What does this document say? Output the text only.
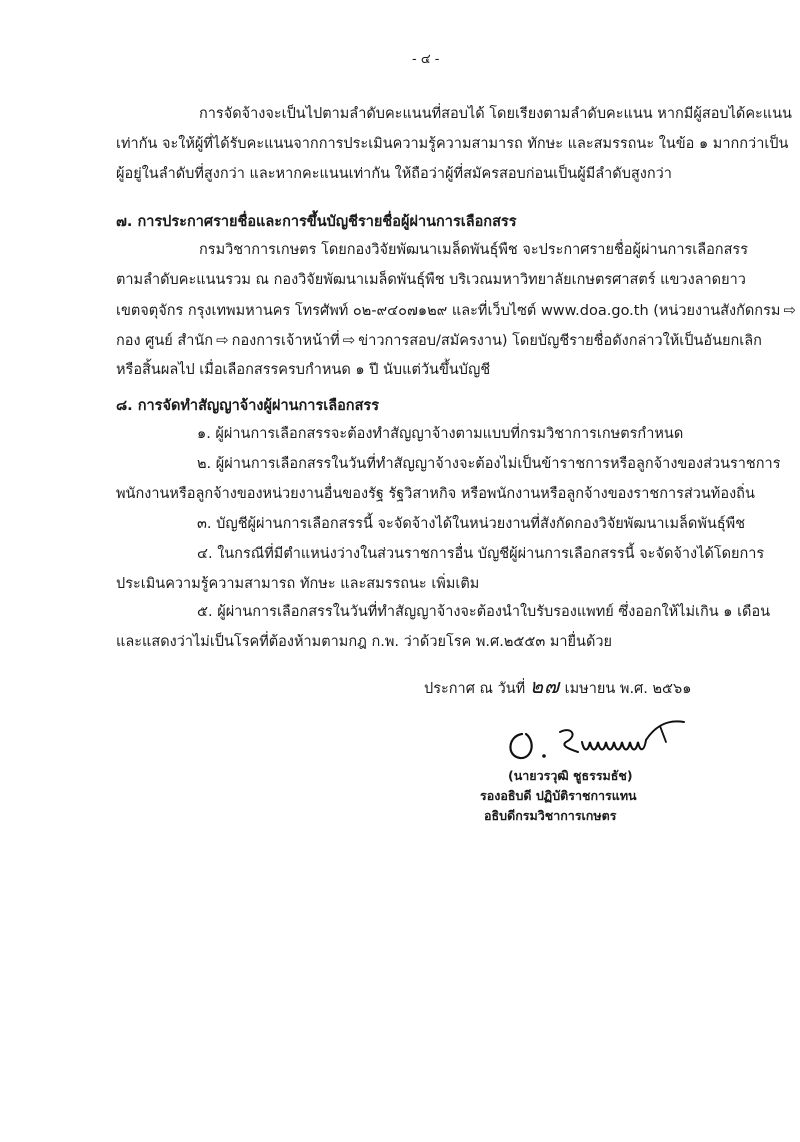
- ๔ -
การจัดจ้างจะเป็นไปตามลำดับคะแนนที่สอบได้ โดยเรียงตามลำดับคะแนน หากมีผู้สอบได้คะแนน
เท่ากัน จะให้ผู้ที่ได้รับคะแนนจากการประเมินความรู้ความสามารถ ทักษะ และสมรรถนะ ในข้อ ๑ มากกว่าเป็น
ผู้อยู่ในลำดับที่สูงกว่า และหากคะแนนเท่ากัน ให้ถือว่าผู้ที่สมัครสอบก่อนเป็นผู้มีลำดับสูงกว่า
๗. การประกาศรายชื่อและการขึ้นบัญชีรายชื่อผู้ผ่านการเลือกสรร
กรมวิชาการเกษตร โดยกองวิจัยพัฒนาเมล็ดพันธุ์พืช จะประกาศรายชื่อผู้ผ่านการเลือกสรร
ตามลำดับคะแนนรวม ณ กองวิจัยพัฒนาเมล็ดพันธุ์พืช บริเวณมหาวิทยาลัยเกษตรศาสตร์ แขวงลาดยาว
เขตจตุจักร กรุงเทพมหานคร โทรศัพท์ ๐๒-๙๔๐๗๑๒๙ และที่เว็บไซต์ www.doa.go.th (หน่วยงานสังกัดกรม ⇨
กอง ศูนย์ สำนัก ⇨ กองการเจ้าหน้าที่ ⇨ ข่าวการสอบ/สมัครงาน) โดยบัญชีรายชื่อดังกล่าวให้เป็นอันยกเลิก
หรือสิ้นผลไป เมื่อเลือกสรรครบกำหนด ๑ ปี นับแต่วันขึ้นบัญชี
๘. การจัดทำสัญญาจ้างผู้ผ่านการเลือกสรร
๑. ผู้ผ่านการเลือกสรรจะต้องทำสัญญาจ้างตามแบบที่กรมวิชาการเกษตรกำหนด
๒. ผู้ผ่านการเลือกสรรในวันที่ทำสัญญาจ้างจะต้องไม่เป็นข้าราชการหรือลูกจ้างของส่วนราชการ
พนักงานหรือลูกจ้างของหน่วยงานอื่นของรัฐ รัฐวิสาหกิจ หรือพนักงานหรือลูกจ้างของราชการส่วนท้องถิ่น
๓. บัญชีผู้ผ่านการเลือกสรรนี้ จะจัดจ้างได้ในหน่วยงานที่สังกัดกองวิจัยพัฒนาเมล็ดพันธุ์พืช
๔. ในกรณีที่มีตำแหน่งว่างในส่วนราชการอื่น บัญชีผู้ผ่านการเลือกสรรนี้ จะจัดจ้างได้โดยการ
ประเมินความรู้ความสามารถ ทักษะ และสมรรถนะ เพิ่มเติม
๕. ผู้ผ่านการเลือกสรรในวันที่ทำสัญญาจ้างจะต้องนำใบรับรองแพทย์ ซึ่งออกให้ไม่เกิน ๑ เดือน
และแสดงว่าไม่เป็นโรคที่ต้องห้ามตามกฎ ก.พ. ว่าด้วยโรค พ.ศ.๒๕๕๓ มายื่นด้วย
ประกาศ ณ วันที่ ๒๗ เมษายน พ.ศ. ๒๕๖๑
(นายวรวุฒิ ชูธรรมธัช)
รองอธิบดี ปฏิบัติราชการแทน
อธิบดีกรมวิชาการเกษตร
